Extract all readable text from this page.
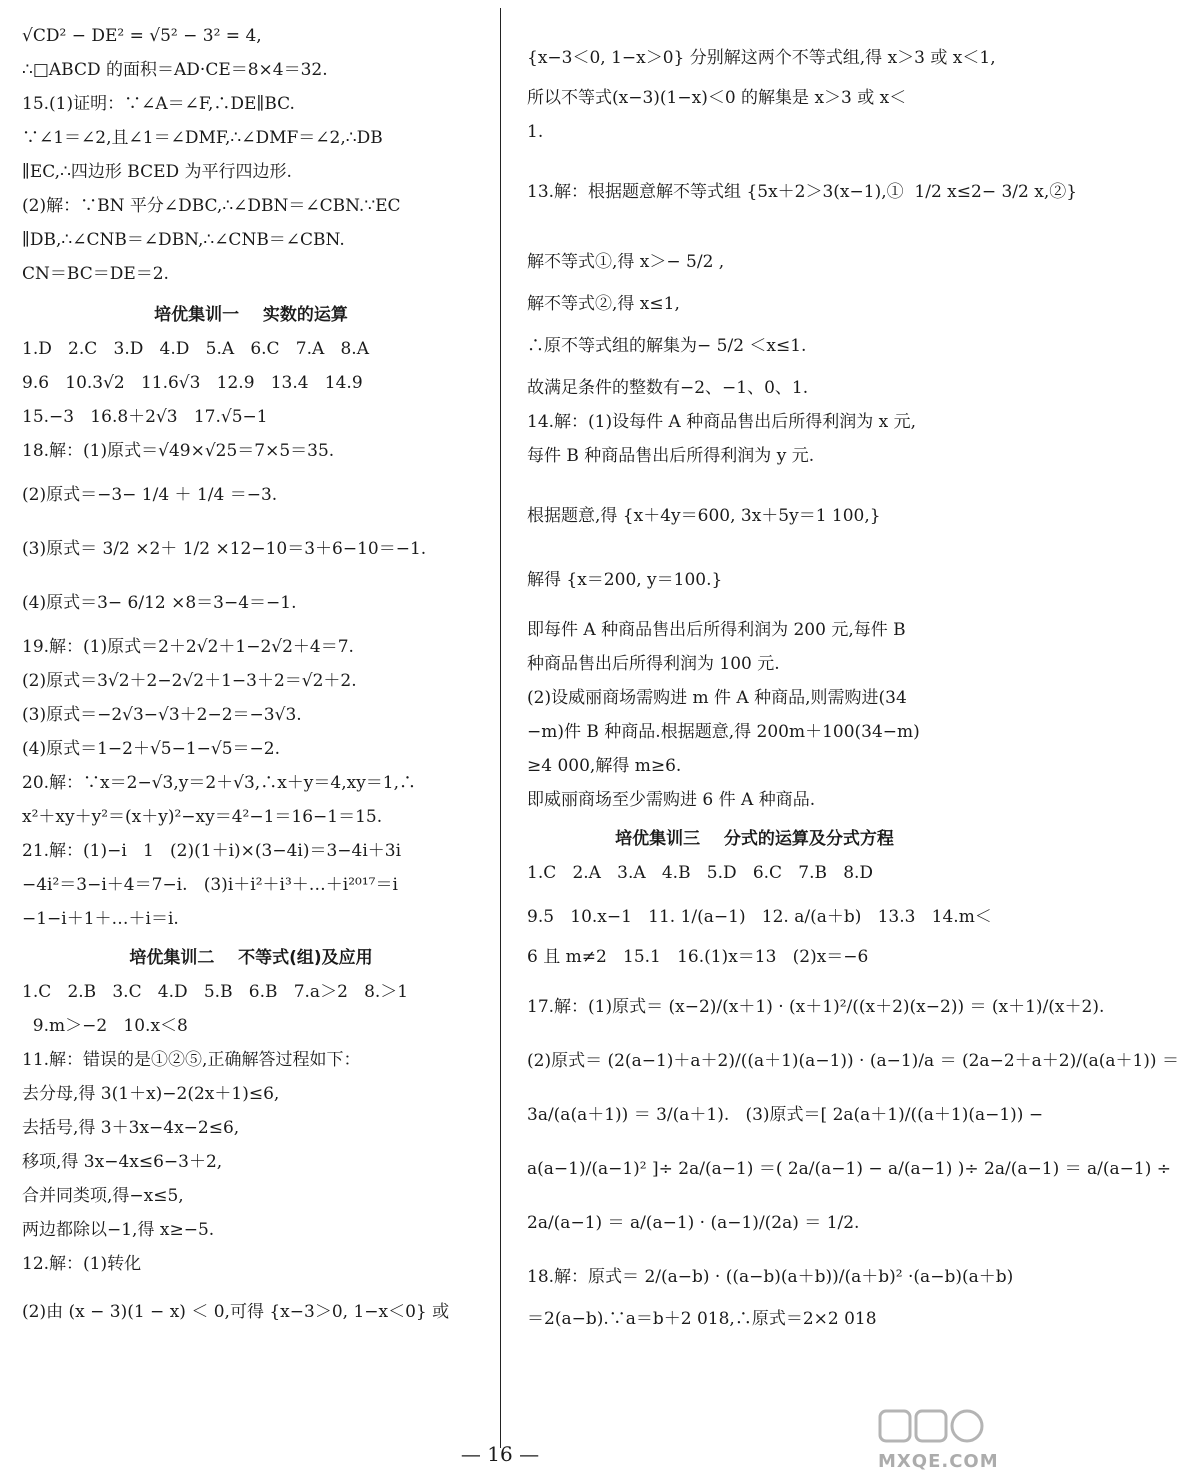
√CD² − DE² = √5² − 3² = 4,

∴□ABCD 的面积＝AD·CE＝8×4＝32.

15.(1)证明：∵∠A＝∠F,∴DE∥BC.

∵∠1＝∠2,且∠1＝∠DMF,∴∠DMF＝∠2,∴DB

∥EC,∴四边形 BCED 为平行四边形.

(2)解：∵BN 平分∠DBC,∴∠DBN＝∠CBN.∵EC

∥DB,∴∠CNB＝∠DBN,∴∠CNB＝∠CBN.

CN＝BC＝DE＝2.

培优集训一    实数的运算

1.D   2.C   3.D   4.D   5.A   6.C   7.A   8.A

9.6   10.3√2   11.6√3   12.9   13.4   14.9

15.−3   16.8＋2√3   17.√5−1

18.解：(1)原式＝√49×√25＝7×5＝35.

(2)原式＝−3− 1/4 ＋ 1/4 ＝−3.

(3)原式＝ 3/2 ×2＋ 1/2 ×12−10＝3＋6−10＝−1.

(4)原式＝3− 6/12 ×8＝3−4＝−1.

19.解：(1)原式＝2＋2√2＋1−2√2＋4＝7.

(2)原式＝3√2＋2−2√2＋1−3＋2＝√2＋2.

(3)原式＝−2√3−√3＋2−2＝−3√3.

(4)原式＝1−2＋√5−1−√5＝−2.

20.解：∵x＝2−√3,y＝2＋√3,∴x＋y＝4,xy＝1,∴

x²＋xy＋y²＝(x＋y)²−xy＝4²−1＝16−1＝15.

21.解：(1)−i   1   (2)(1＋i)×(3−4i)＝3−4i＋3i

−4i²＝3−i＋4＝7−i.   (3)i＋i²＋i³＋…＋i²⁰¹⁷＝i

−1−i＋1＋…＋i＝i.

培优集训二    不等式(组)及应用

1.C   2.B   3.C   4.D   5.B   6.B   7.a＞2   8.＞1

9.m＞−2   10.x＜8

11.解：错误的是①②⑤,正确解答过程如下：

去分母,得 3(1＋x)−2(2x＋1)≤6,

去括号,得 3＋3x−4x−2≤6,

移项,得 3x−4x≤6−3＋2,

合并同类项,得−x≤5,

两边都除以−1,得 x≥−5.

12.解：(1)转化

(2)由 (x − 3)(1 − x) ＜ 0,可得 {x−3＞0, 1−x＜0} 或

{x−3＜0, 1−x＞0} 分别解这两个不等式组,得 x＞3 或 x＜1,

所以不等式(x−3)(1−x)＜0 的解集是 x＞3 或 x＜

1.

13.解：根据题意解不等式组 {5x＋2＞3(x−1),①  1/2 x≤2− 3/2 x,②}

解不等式①,得 x＞− 5/2 ,

解不等式②,得 x≤1,

∴原不等式组的解集为− 5/2 ＜x≤1.

故满足条件的整数有−2、−1、0、1.

14.解：(1)设每件 A 种商品售出后所得利润为 x 元,

每件 B 种商品售出后所得利润为 y 元.

根据题意,得 {x＋4y＝600, 3x＋5y＝1 100,}

解得 {x＝200, y＝100.}

即每件 A 种商品售出后所得利润为 200 元,每件 B

种商品售出后所得利润为 100 元.

(2)设威丽商场需购进 m 件 A 种商品,则需购进(34

−m)件 B 种商品.根据题意,得 200m＋100(34−m)

≥4 000,解得 m≥6.

即威丽商场至少需购进 6 件 A 种商品.

培优集训三    分式的运算及分式方程

1.C   2.A   3.A   4.B   5.D   6.C   7.B   8.D

9.5   10.x−1   11. 1/(a−1)   12. a/(a＋b)   13.3   14.m＜

6 且 m≠2   15.1   16.(1)x＝13   (2)x＝−6

17.解：(1)原式＝ (x−2)/(x＋1) · (x＋1)²/((x＋2)(x−2)) ＝ (x＋1)/(x＋2).

(2)原式＝ (2(a−1)＋a＋2)/((a＋1)(a−1)) · (a−1)/a ＝ (2a−2＋a＋2)/(a(a＋1)) ＝

3a/(a(a＋1)) ＝ 3/(a＋1).   (3)原式＝[ 2a(a＋1)/((a＋1)(a−1)) −

a(a−1)/(a−1)² ]÷ 2a/(a−1) ＝( 2a/(a−1) − a/(a−1) )÷ 2a/(a−1) ＝ a/(a−1) ÷

2a/(a−1) ＝ a/(a−1) · (a−1)/(2a) ＝ 1/2.

18.解：原式＝ 2/(a−b) · ((a−b)(a＋b))/(a＋b)² ·(a−b)(a＋b)

＝2(a−b).∵a＝b＋2 018,∴原式＝2×2 018

— 16 —	MXQE.COM
